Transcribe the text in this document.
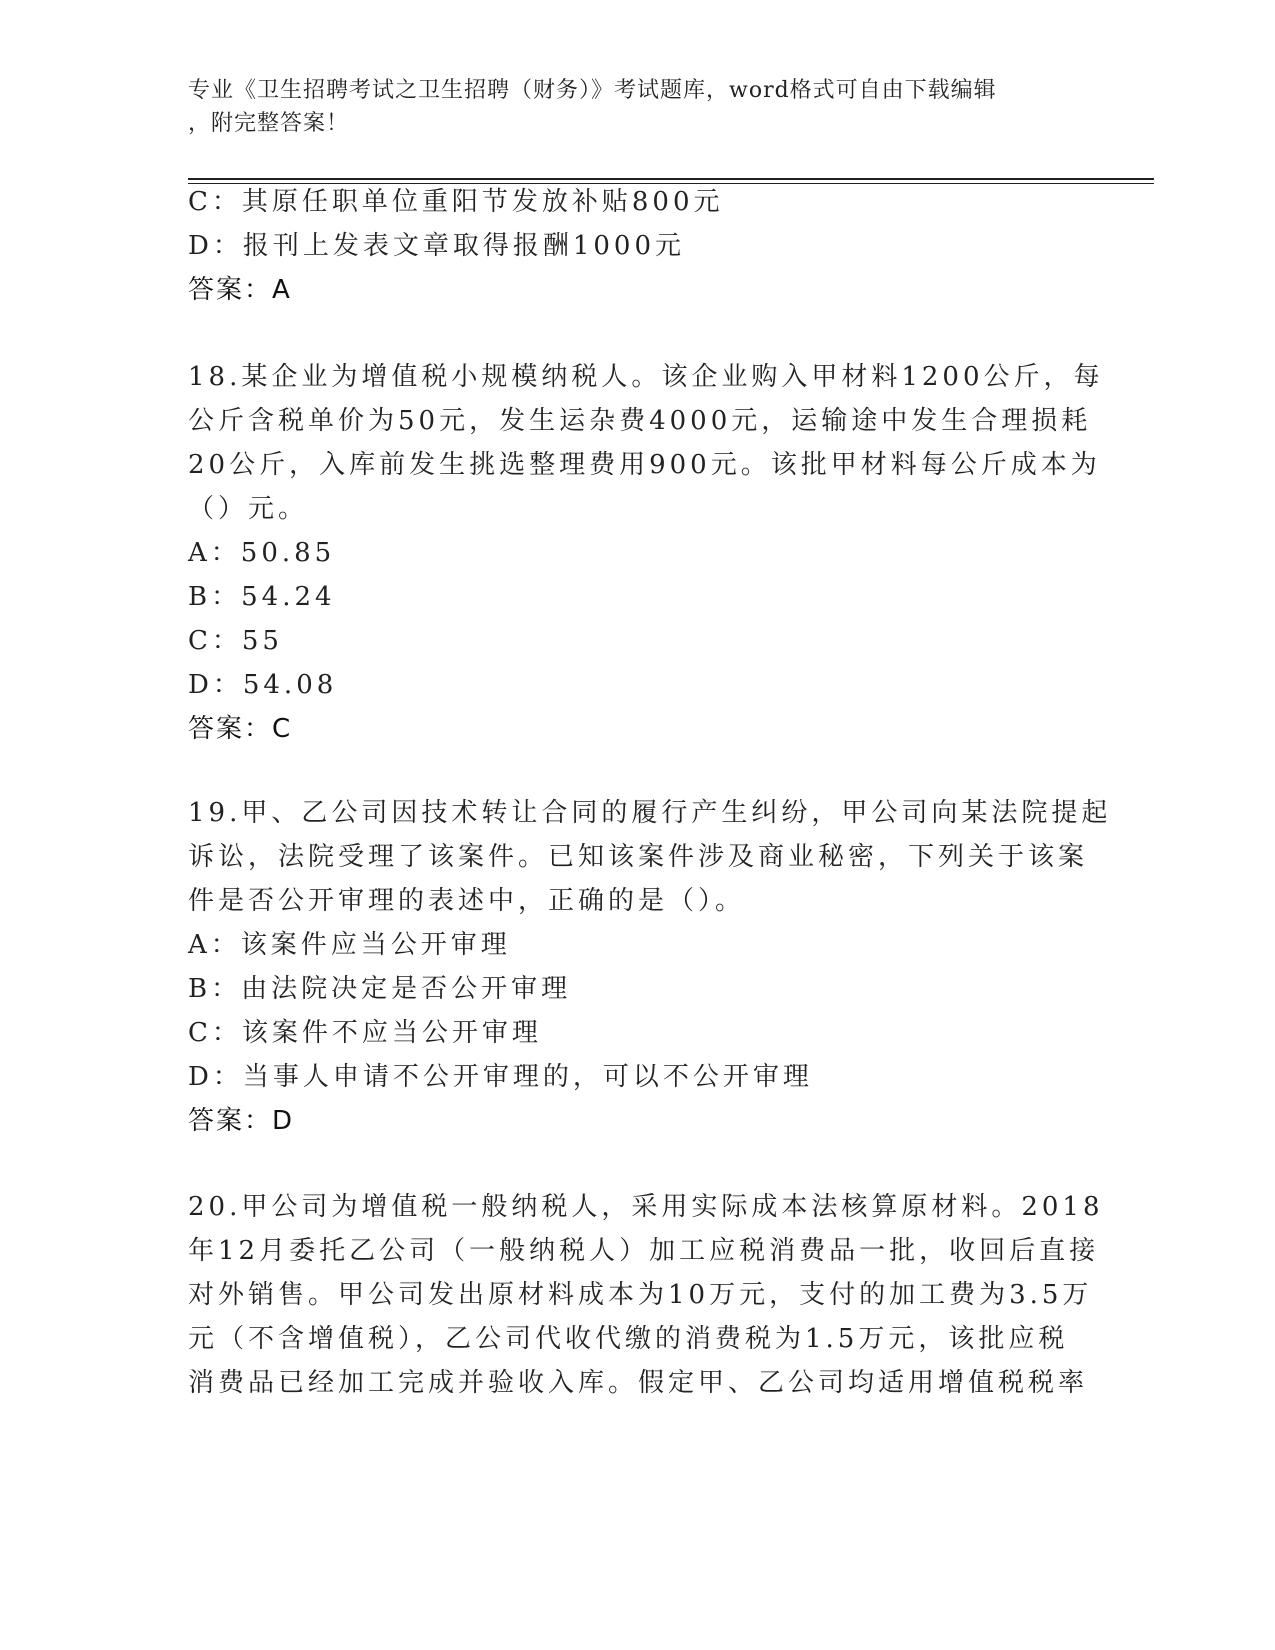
专业《卫生招聘考试之卫生招聘（财务）》考试题库，word格式可自由下载编辑
，附完整答案！
C：其原任职单位重阳节发放补贴800元
D：报刊上发表文章取得报酬1000元
答案：A
18.某企业为增值税小规模纳税人。该企业购入甲材料1200公斤，每
公斤含税单价为50元，发生运杂费4000元，运输途中发生合理损耗
20公斤，入库前发生挑选整理费用900元。该批甲材料每公斤成本为
（）元。
A：50.85
B：54.24
C：55
D：54.08
答案：C
19.甲、乙公司因技术转让合同的履行产生纠纷，甲公司向某法院提起
诉讼，法院受理了该案件。已知该案件涉及商业秘密，下列关于该案
件是否公开审理的表述中，正确的是（）。
A：该案件应当公开审理
B：由法院决定是否公开审理
C：该案件不应当公开审理
D：当事人申请不公开审理的，可以不公开审理
答案：D
20.甲公司为增值税一般纳税人，采用实际成本法核算原材料。2018
年12月委托乙公司（一般纳税人）加工应税消费品一批，收回后直接
对外销售。甲公司发出原材料成本为10万元，支付的加工费为3.5万
元（不含增值税），乙公司代收代缴的消费税为1.5万元，该批应税
消费品已经加工完成并验收入库。假定甲、乙公司均适用增值税税率
